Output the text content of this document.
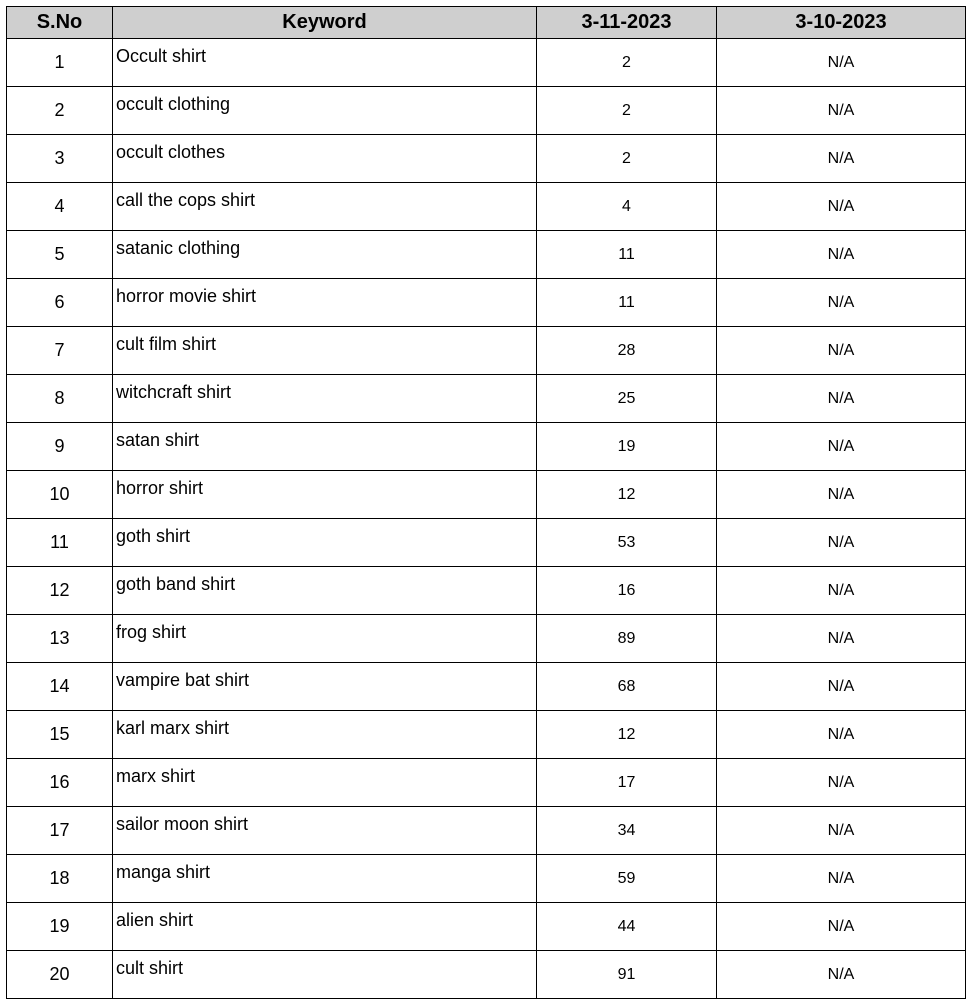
S.No	Keyword	3-11-2023	3-10-2023
1	Occult shirt	2	N/A
2	occult clothing	2	N/A
3	occult clothes	2	N/A
4	call the cops shirt	4	N/A
5	satanic clothing	11	N/A
6	horror movie shirt	11	N/A
7	cult film shirt	28	N/A
8	witchcraft shirt	25	N/A
9	satan shirt	19	N/A
10	horror shirt	12	N/A
11	goth shirt	53	N/A
12	goth band shirt	16	N/A
13	frog shirt	89	N/A
14	vampire bat shirt	68	N/A
15	karl marx shirt	12	N/A
16	marx shirt	17	N/A
17	sailor moon shirt	34	N/A
18	manga shirt	59	N/A
19	alien shirt	44	N/A
20	cult shirt	91	N/A
